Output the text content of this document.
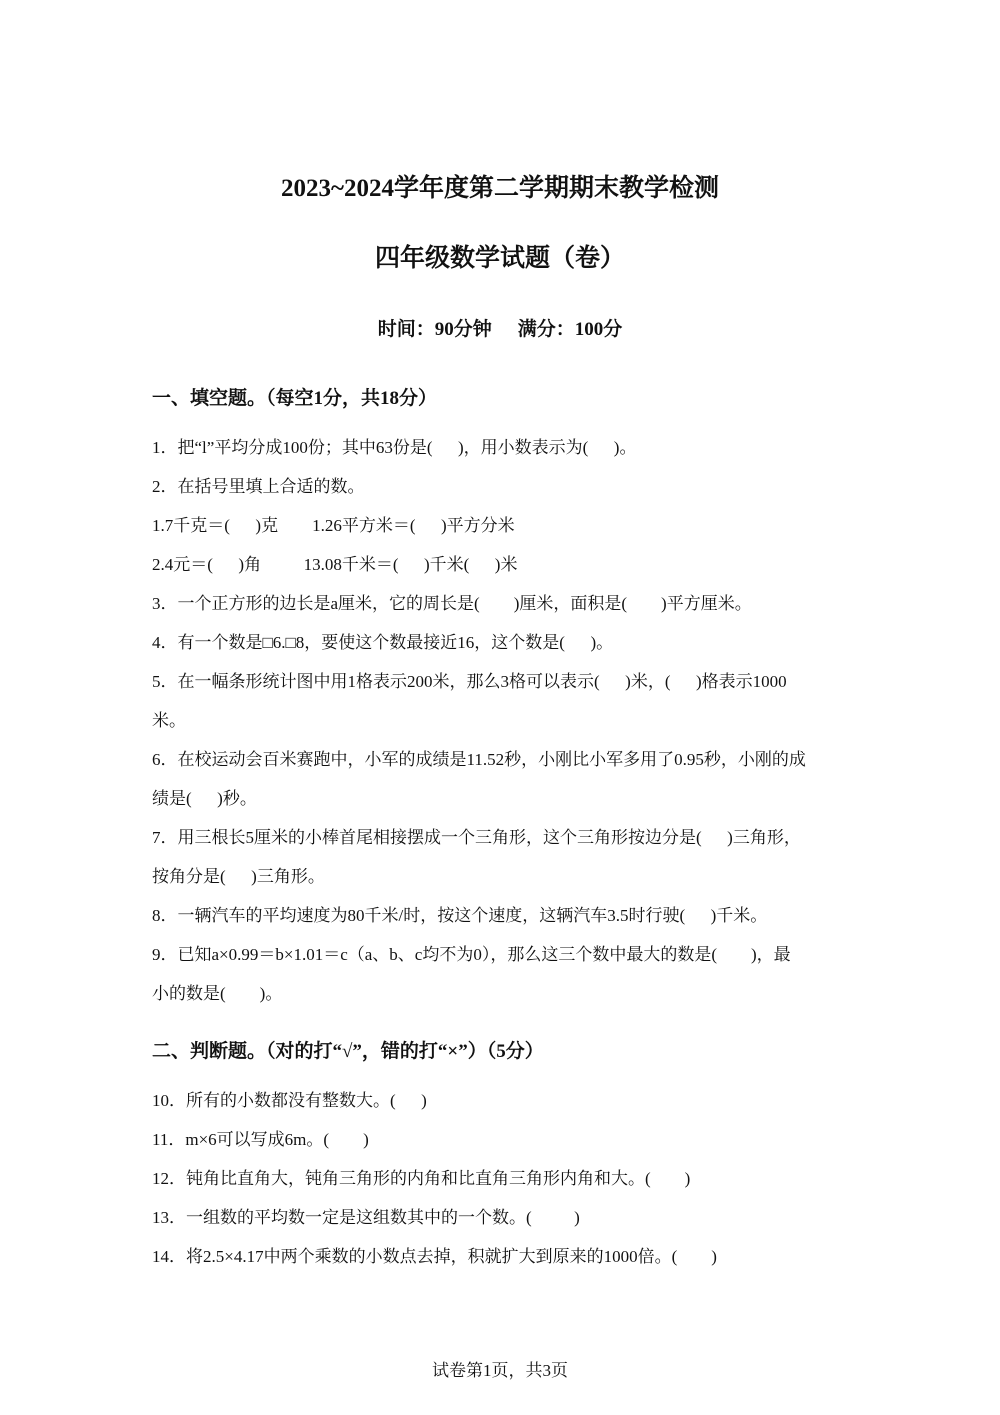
2023~2024学年度第二学期期末教学检测
四年级数学试题（卷）
时间：90分钟 满分：100分
一、填空题。（每空1分，共18分）
1．把“l”平均分成100份；其中63份是(      )，用小数表示为(      )。
2．在括号里填上合适的数。
1.7千克＝(      )克        1.26平方米＝(      )平方分米
2.4元＝(      )角          13.08千米＝(      )千米(      )米
3．一个正方形的边长是a厘米，它的周长是(        )厘米，面积是(        )平方厘米。
4．有一个数是□6.□8，要使这个数最接近16，这个数是(      )。
5．在一幅条形统计图中用1格表示200米，那么3格可以表示(      )米，(      )格表示1000
米。
6．在校运动会百米赛跑中，小军的成绩是11.52秒，小刚比小军多用了0.95秒，小刚的成
绩是(      )秒。
7．用三根长5厘米的小棒首尾相接摆成一个三角形，这个三角形按边分是(      )三角形，
按角分是(      )三角形。
8．一辆汽车的平均速度为80千米/时，按这个速度，这辆汽车3.5时行驶(      )千米。
9．已知a×0.99＝b×1.01＝c（a、b、c均不为0），那么这三个数中最大的数是(        )，最
小的数是(        )。
二、判断题。（对的打“√”，错的打“×”）（5分）
10．所有的小数都没有整数大。(      )
11．m×6可以写成6m。(        )
12．钝角比直角大，钝角三角形的内角和比直角三角形内角和大。(        )
13．一组数的平均数一定是这组数其中的一个数。(          )
14．将2.5×4.17中两个乘数的小数点去掉，积就扩大到原来的1000倍。(        )
试卷第1页，共3页
